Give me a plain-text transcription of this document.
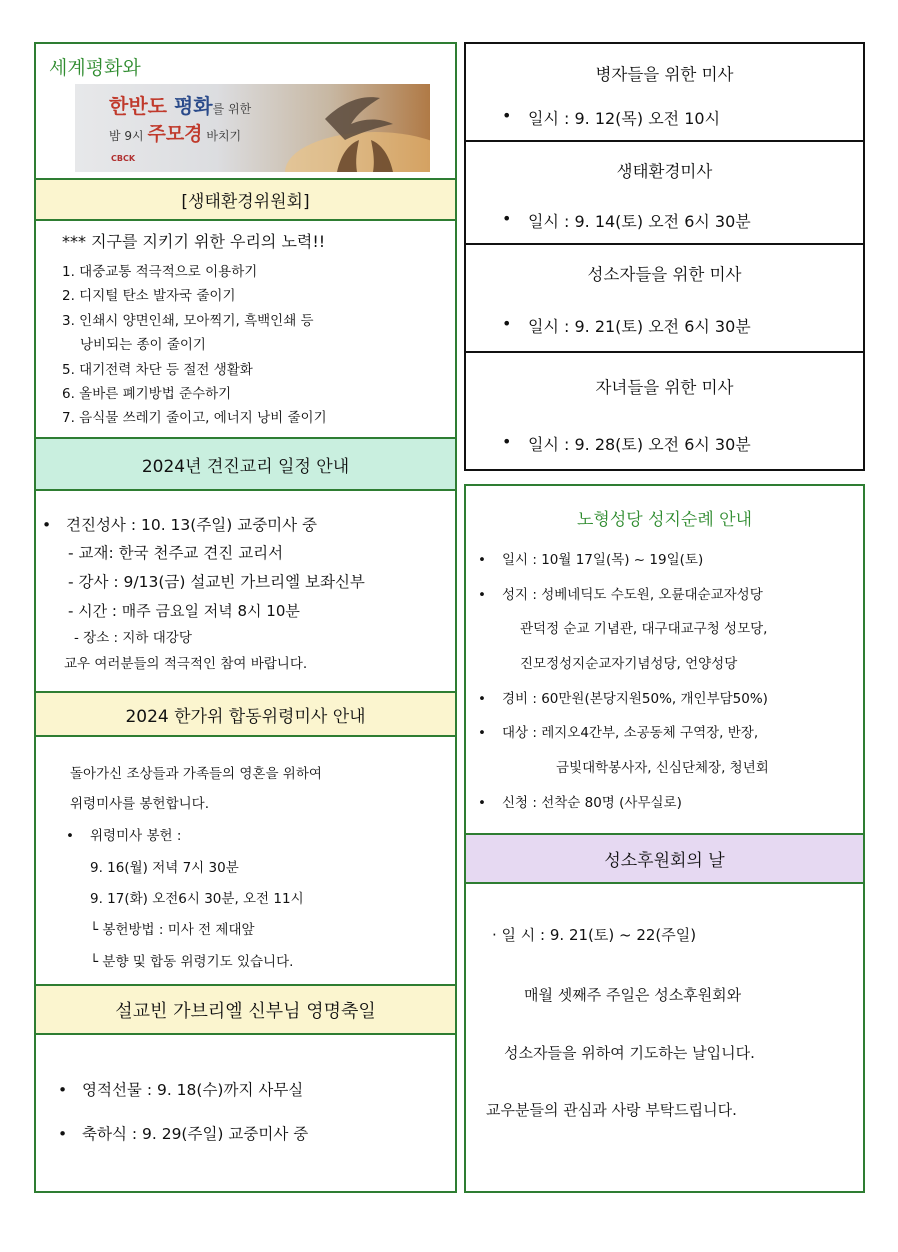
세계평화와
한반도 평화를 위한
밤 9시 주모경 바치기
CBCK
[생태환경위원회]
*** 지구를 지키기 위한 우리의 노력!!
1. 대중교통 적극적으로 이용하기
2. 디지털 탄소 발자국 줄이기
3. 인쇄시 양면인쇄, 모아찍기, 흑백인쇄 등
낭비되는 종이 줄이기
5. 대기전력 차단 등 절전 생활화
6. 올바른 폐기방법 준수하기
7. 음식물 쓰레기 줄이고, 에너지 낭비 줄이기
2024년 견진교리 일정 안내
• 견진성사 : 10. 13(주일) 교중미사 중
- 교재: 한국 천주교 견진 교리서
- 강사 : 9/13(금) 설교빈 가브리엘 보좌신부
- 시간 : 매주 금요일 저녁 8시 10분
- 장소 : 지하 대강당
교우 여러분들의 적극적인 참여 바랍니다.
2024 한가위 합동위령미사 안내
돌아가신 조상들과 가족들의 영혼을 위하여
위령미사를 봉헌합니다.
• 위령미사 봉헌 :
9. 16(월) 저녁 7시 30분
9. 17(화) 오전6시 30분, 오전 11시
└ 봉헌방법 : 미사 전 제대앞
└ 분향 및 합동 위령기도 있습니다.
설교빈 가브리엘 신부님 영명축일
• 영적선물 : 9. 18(수)까지 사무실
• 축하식 : 9. 29(주일) 교중미사 중
병자들을 위한 미사
• 일시 : 9. 12(목) 오전 10시
생태환경미사
• 일시 : 9. 14(토) 오전 6시 30분
성소자들을 위한 미사
• 일시 : 9. 21(토) 오전 6시 30분
자녀들을 위한 미사
• 일시 : 9. 28(토) 오전 6시 30분
노형성당 성지순례 안내
• 일시 : 10월 17일(목) ~ 19일(토)
• 성지 : 성베네딕도 수도원, 오륜대순교자성당
관덕정 순교 기념관, 대구대교구청 성모당,
진모정성지순교자기념성당, 언양성당
• 경비 : 60만원(본당지원50%, 개인부담50%)
• 대상 : 레지오4간부, 소공동체 구역장, 반장,
금빛대학봉사자, 신심단체장, 청년회
• 신청 : 선착순 80명 (사무실로)
성소후원회의 날
· 일 시 : 9. 21(토) ~ 22(주일)
매월 셋째주 주일은 성소후원회와
성소자들을 위하여 기도하는 날입니다.
교우분들의 관심과 사랑 부탁드립니다.
